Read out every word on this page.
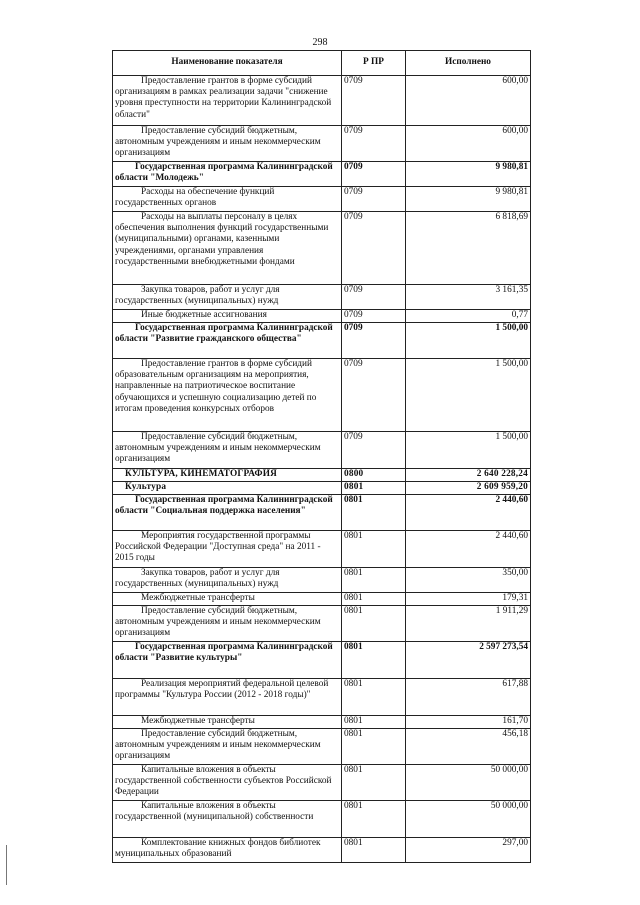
298
Наименование показателя	Р ПР	Исполнено
Предоставление грантов в форме субсидий организациям в рамках реализации задачи "снижение уровня преступности на территории Калининградской области"	0709	600,00
Предоставление субсидий бюджетным, автономным учреждениям и иным некоммерческим организациям	0709	600,00
Государственная программа Калининградской области "Молодежь"	0709	9 980,81
Расходы на обеспечение функций государственных органов	0709	9 980,81
Расходы на выплаты персоналу в целях обеспечения выполнения функций государственными (муниципальными) органами, казенными учреждениями, органами управления государственными внебюджетными фондами	0709	6 818,69
Закупка товаров, работ и услуг для государственных (муниципальных) нужд	0709	3 161,35
Иные бюджетные ассигнования	0709	0,77
Государственная программа Калининградской области "Развитие гражданского общества"	0709	1 500,00
Предоставление грантов в форме субсидий образовательным организациям на мероприятия, направленные на патриотическое воспитание обучающихся и успешную социализацию детей по итогам проведения конкурсных отборов	0709	1 500,00
Предоставление субсидий бюджетным, автономным учреждениям и иным некоммерческим организациям	0709	1 500,00
КУЛЬТУРА, КИНЕМАТОГРАФИЯ	0800	2 640 228,24
Культура	0801	2 609 959,20
Государственная программа Калининградской области "Социальная поддержка населения"	0801	2 440,60
Мероприятия государственной программы Российской Федерации "Доступная среда" на 2011 - 2015 годы	0801	2 440,60
Закупка товаров, работ и услуг для государственных (муниципальных) нужд	0801	350,00
Межбюджетные трансферты	0801	179,31
Предоставление субсидий бюджетным, автономным учреждениям и иным некоммерческим организациям	0801	1 911,29
Государственная программа Калининградской области "Развитие культуры"	0801	2 597 273,54
Реализация мероприятий федеральной целевой программы "Культура России (2012 - 2018 годы)"	0801	617,88
Межбюджетные трансферты	0801	161,70
Предоставление субсидий бюджетным, автономным учреждениям и иным некоммерческим организациям	0801	456,18
Капитальные вложения в объекты государственной собственности субъектов Российской Федерации	0801	50 000,00
Капитальные вложения в объекты государственной (муниципальной) собственности	0801	50 000,00
Комплектование книжных фондов библиотек муниципальных образований	0801	297,00
